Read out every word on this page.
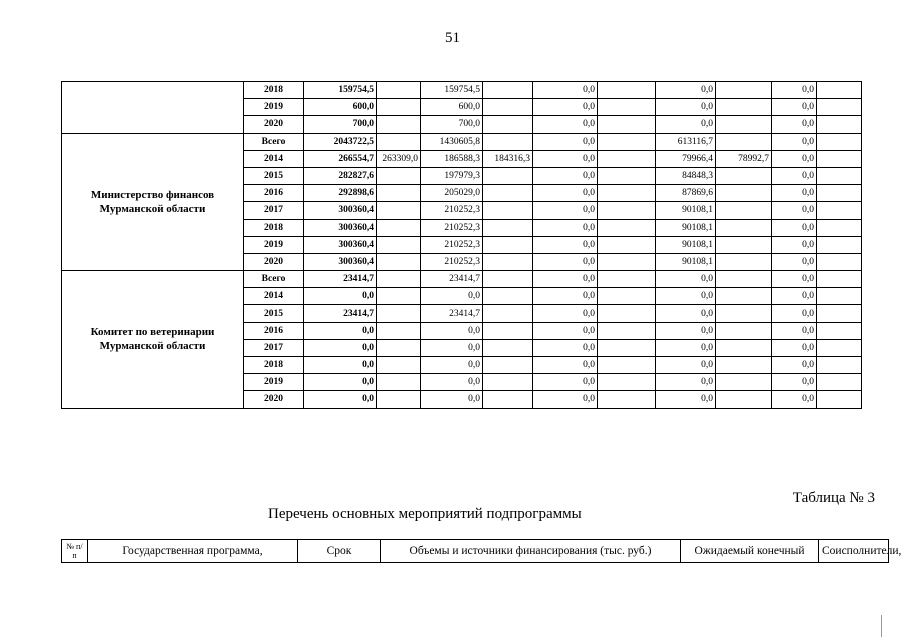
51
	2018	159754,5		159754,5		0,0		0,0		0,0	
	2019	600,0		600,0		0,0		0,0		0,0	
	2020	700,0		700,0		0,0		0,0		0,0	
Министерство финансов Мурманской области	Всего	2043722,5		1430605,8		0,0		613116,7		0,0	
	2014	266554,7	263309,0	186588,3	184316,3	0,0		79966,4	78992,7	0,0	
	2015	282827,6		197979,3		0,0		84848,3		0,0	
	2016	292898,6		205029,0		0,0		87869,6		0,0	
	2017	300360,4		210252,3		0,0		90108,1		0,0	
	2018	300360,4		210252,3		0,0		90108,1		0,0	
	2019	300360,4		210252,3		0,0		90108,1		0,0	
	2020	300360,4		210252,3		0,0		90108,1		0,0	
Комитет по ветеринарии Мурманской области	Всего	23414,7		23414,7		0,0		0,0		0,0	
	2014	0,0		0,0		0,0		0,0		0,0	
	2015	23414,7		23414,7		0,0		0,0		0,0	
	2016	0,0		0,0		0,0		0,0		0,0	
	2017	0,0		0,0		0,0		0,0		0,0	
	2018	0,0		0,0		0,0		0,0		0,0	
	2019	0,0		0,0		0,0		0,0		0,0	
	2020	0,0		0,0		0,0		0,0		0,0	
Таблица № 3
Перечень основных мероприятий подпрограммы
№ п/п	Государственная программа,	Срок	Объемы и источники финансирования (тыс. руб.)	Ожидаемый конечный	Соисполнители,
